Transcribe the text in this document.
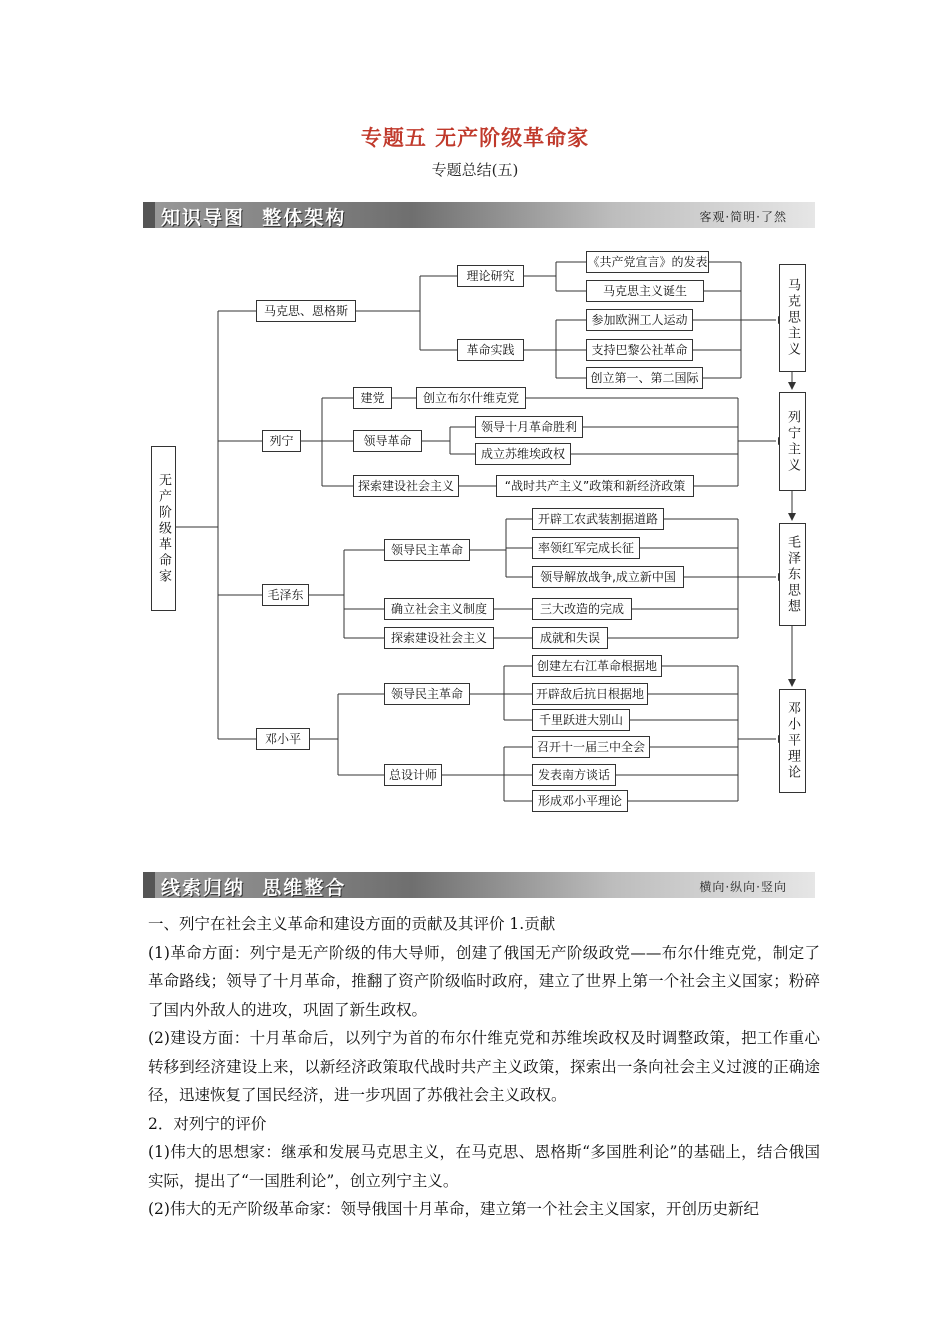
专题五 无产阶级革命家
专题总结(五)
知识导图  整体架构	客观·简明·了然
无产阶级革命家
马克思、恩格斯
理论研究
革命实践
《共产党宣言》的发表
马克思主义诞生
参加欧洲工人运动
支持巴黎公社革命
创立第一、第二国际
列宁
建党
领导革命
探索建设社会主义
创立布尔什维克党
领导十月革命胜利
成立苏维埃政权
“战时共产主义”政策和新经济政策
毛泽东
领导民主革命
确立社会主义制度
探索建设社会主义
开辟工农武装割据道路
率领红军完成长征
领导解放战争,成立新中国
三大改造的完成
成就和失误
邓小平
领导民主革命
总设计师
创建左右江革命根据地
开辟敌后抗日根据地
千里跃进大别山
召开十一届三中全会
发表南方谈话
形成邓小平理论
马克思主义
列宁主义
毛泽东思想
邓小平理论
线索归纳  思维整合	横向·纵向·竖向

一、列宁在社会主义革命和建设方面的贡献及其评价 1.贡献

(1)革命方面：列宁是无产阶级的伟大导师，创建了俄国无产阶级政党——布尔什维克党，制定了革命路线；领导了十月革命，推翻了资产阶级临时政府，建立了世界上第一个社会主义国家；粉碎了国内外敌人的进攻，巩固了新生政权。

(2)建设方面：十月革命后，以列宁为首的布尔什维克党和苏维埃政权及时调整政策，把工作重心转移到经济建设上来，以新经济政策取代战时共产主义政策，探索出一条向社会主义过渡的正确途径，迅速恢复了国民经济，进一步巩固了苏俄社会主义政权。

2．对列宁的评价

(1)伟大的思想家：继承和发展马克思主义，在马克思、恩格斯“多国胜利论”的基础上，结合俄国实际，提出了“一国胜利论”，创立列宁主义。

(2)伟大的无产阶级革命家：领导俄国十月革命，建立第一个社会主义国家，开创历史新纪
